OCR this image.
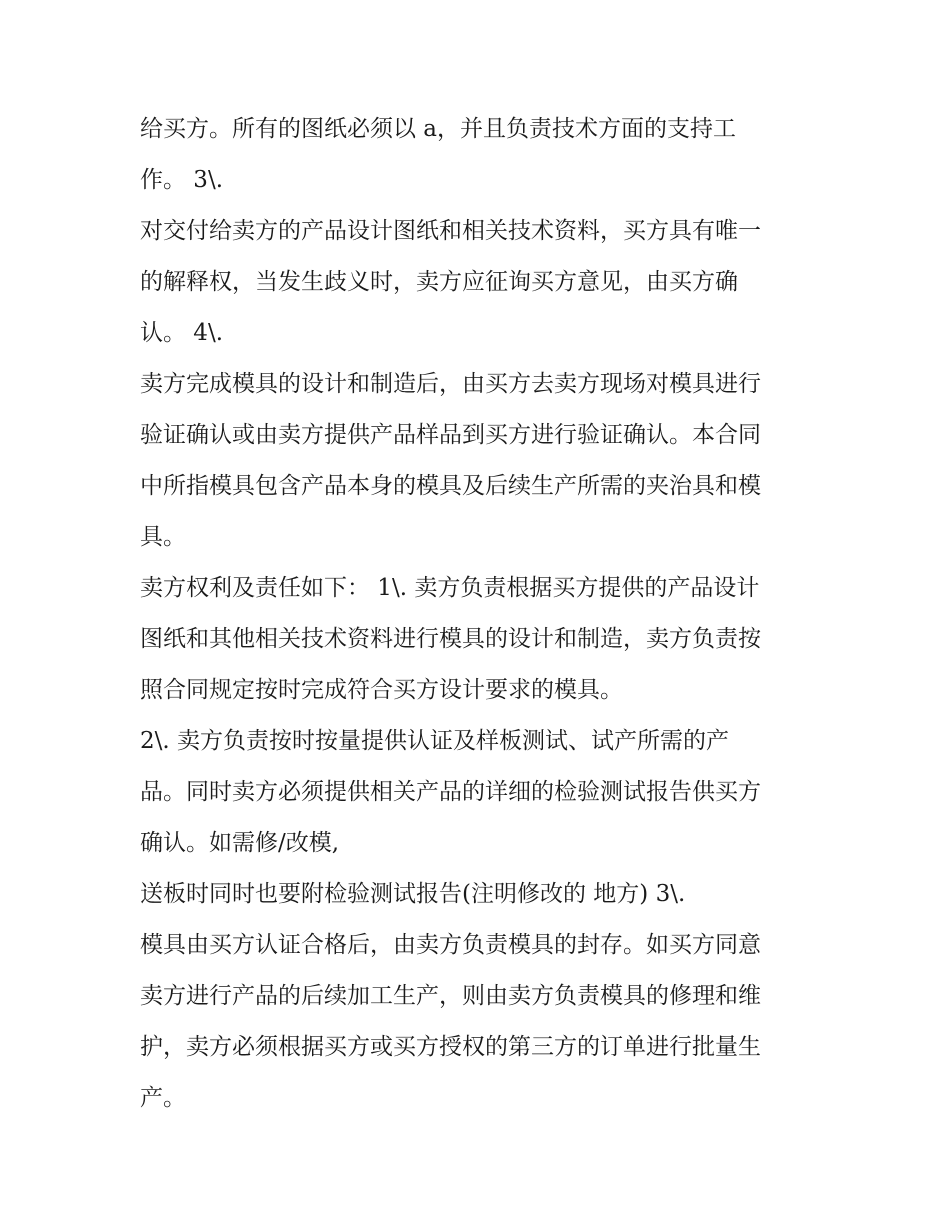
给买方。所有的图纸必须以 a，并且负责技术方面的支持工
作。 3\.
对交付给卖方的产品设计图纸和相关技术资料，买方具有唯一
的解释权，当发生歧义时，卖方应征询买方意见，由买方确
认。 4\.
卖方完成模具的设计和制造后，由买方去卖方现场对模具进行
验证确认或由卖方提供产品样品到买方进行验证确认。本合同
中所指模具包含产品本身的模具及后续生产所需的夹治具和模
具。
卖方权利及责任如下： 1\. 卖方负责根据买方提供的产品设计
图纸和其他相关技术资料进行模具的设计和制造，卖方负责按
照合同规定按时完成符合买方设计要求的模具。
2\. 卖方负责按时按量提供认证及样板测试、试产所需的产
品。同时卖方必须提供相关产品的详细的检验测试报告供买方
确认。如需修/改模,
送板时同时也要附检验测试报告(注明修改的 地方) 3\.
模具由买方认证合格后，由卖方负责模具的封存。如买方同意
卖方进行产品的后续加工生产，则由卖方负责模具的修理和维
护，卖方必须根据买方或买方授权的第三方的订单进行批量生
产。
